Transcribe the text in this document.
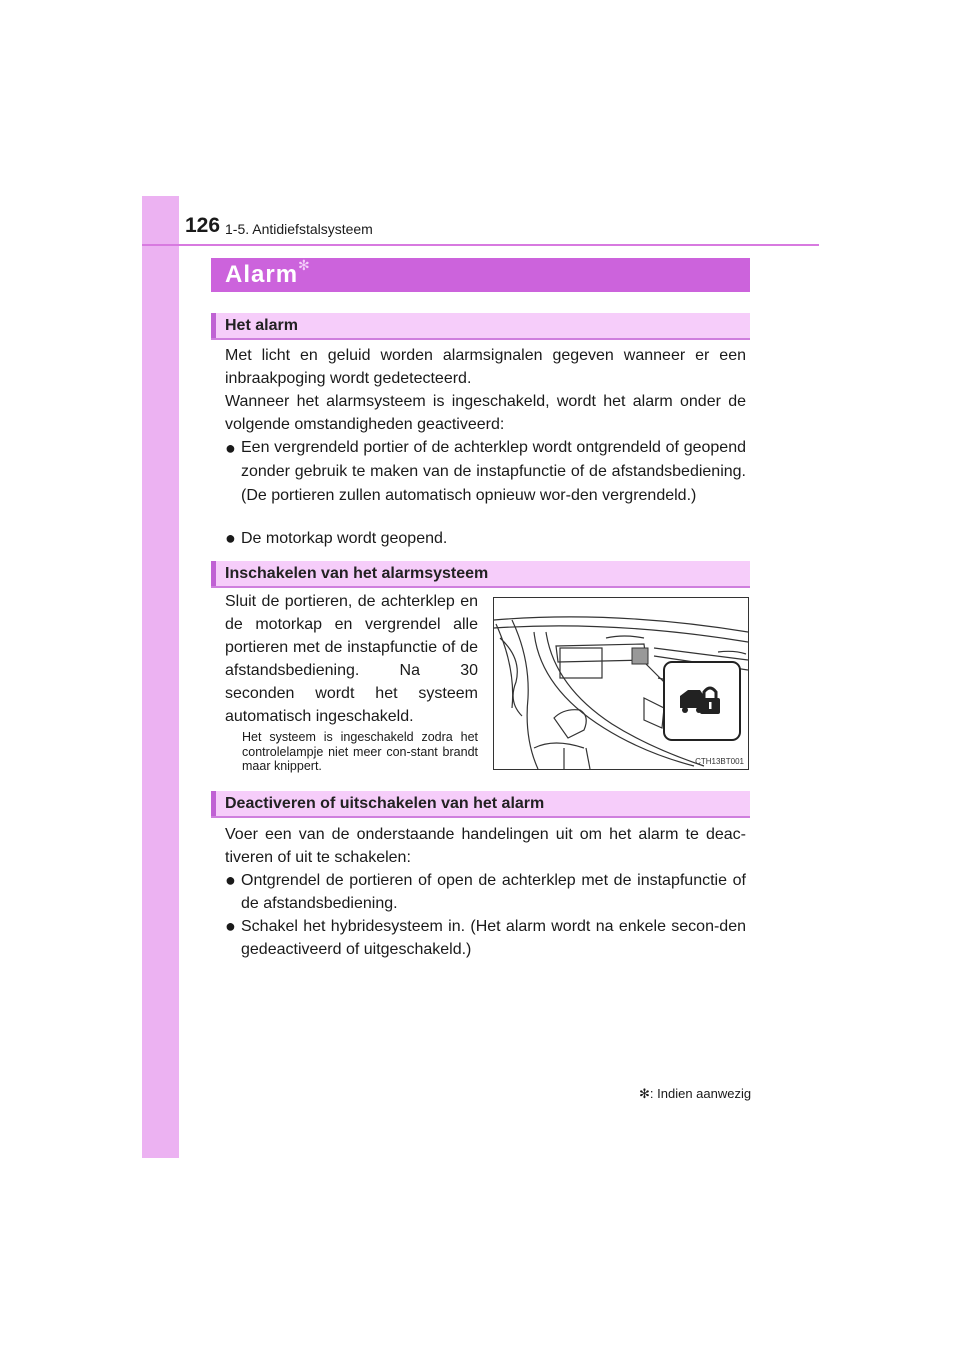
126 1-5. Antidiefstalsysteem
Alarm✻
Het alarm

Met licht en geluid worden alarmsignalen gegeven wanneer er een inbraakpoging wordt gedetecteerd.

Wanneer het alarmsysteem is ingeschakeld, wordt het alarm onder de volgende omstandigheden geactiveerd:

● Een vergrendeld portier of de achterklep wordt ontgrendeld of geopend zonder gebruik te maken van de instapfunctie of de afstandsbediening. (De portieren zullen automatisch opnieuw wor-den vergrendeld.)
● De motorkap wordt geopend.
Inschakelen van het alarmsysteem
Sluit de portieren, de achterklep en de motorkap en vergrendel alle portieren met de instapfunctie of de afstandsbediening. Na 30 seconden wordt het systeem automatisch ingeschakeld.
Het systeem is ingeschakeld zodra het controlelampje niet meer con-stant brandt maar knippert.	CTH13BT001
Deactiveren of uitschakelen van het alarm

Voer een van de onderstaande handelingen uit om het alarm te deac-tiveren of uit te schakelen:

● Ontgrendel de portieren of open de achterklep met de instapfunctie of de afstandsbediening.
● Schakel het hybridesysteem in. (Het alarm wordt na enkele secon-den gedeactiveerd of uitgeschakeld.)
✻: Indien aanwezig
